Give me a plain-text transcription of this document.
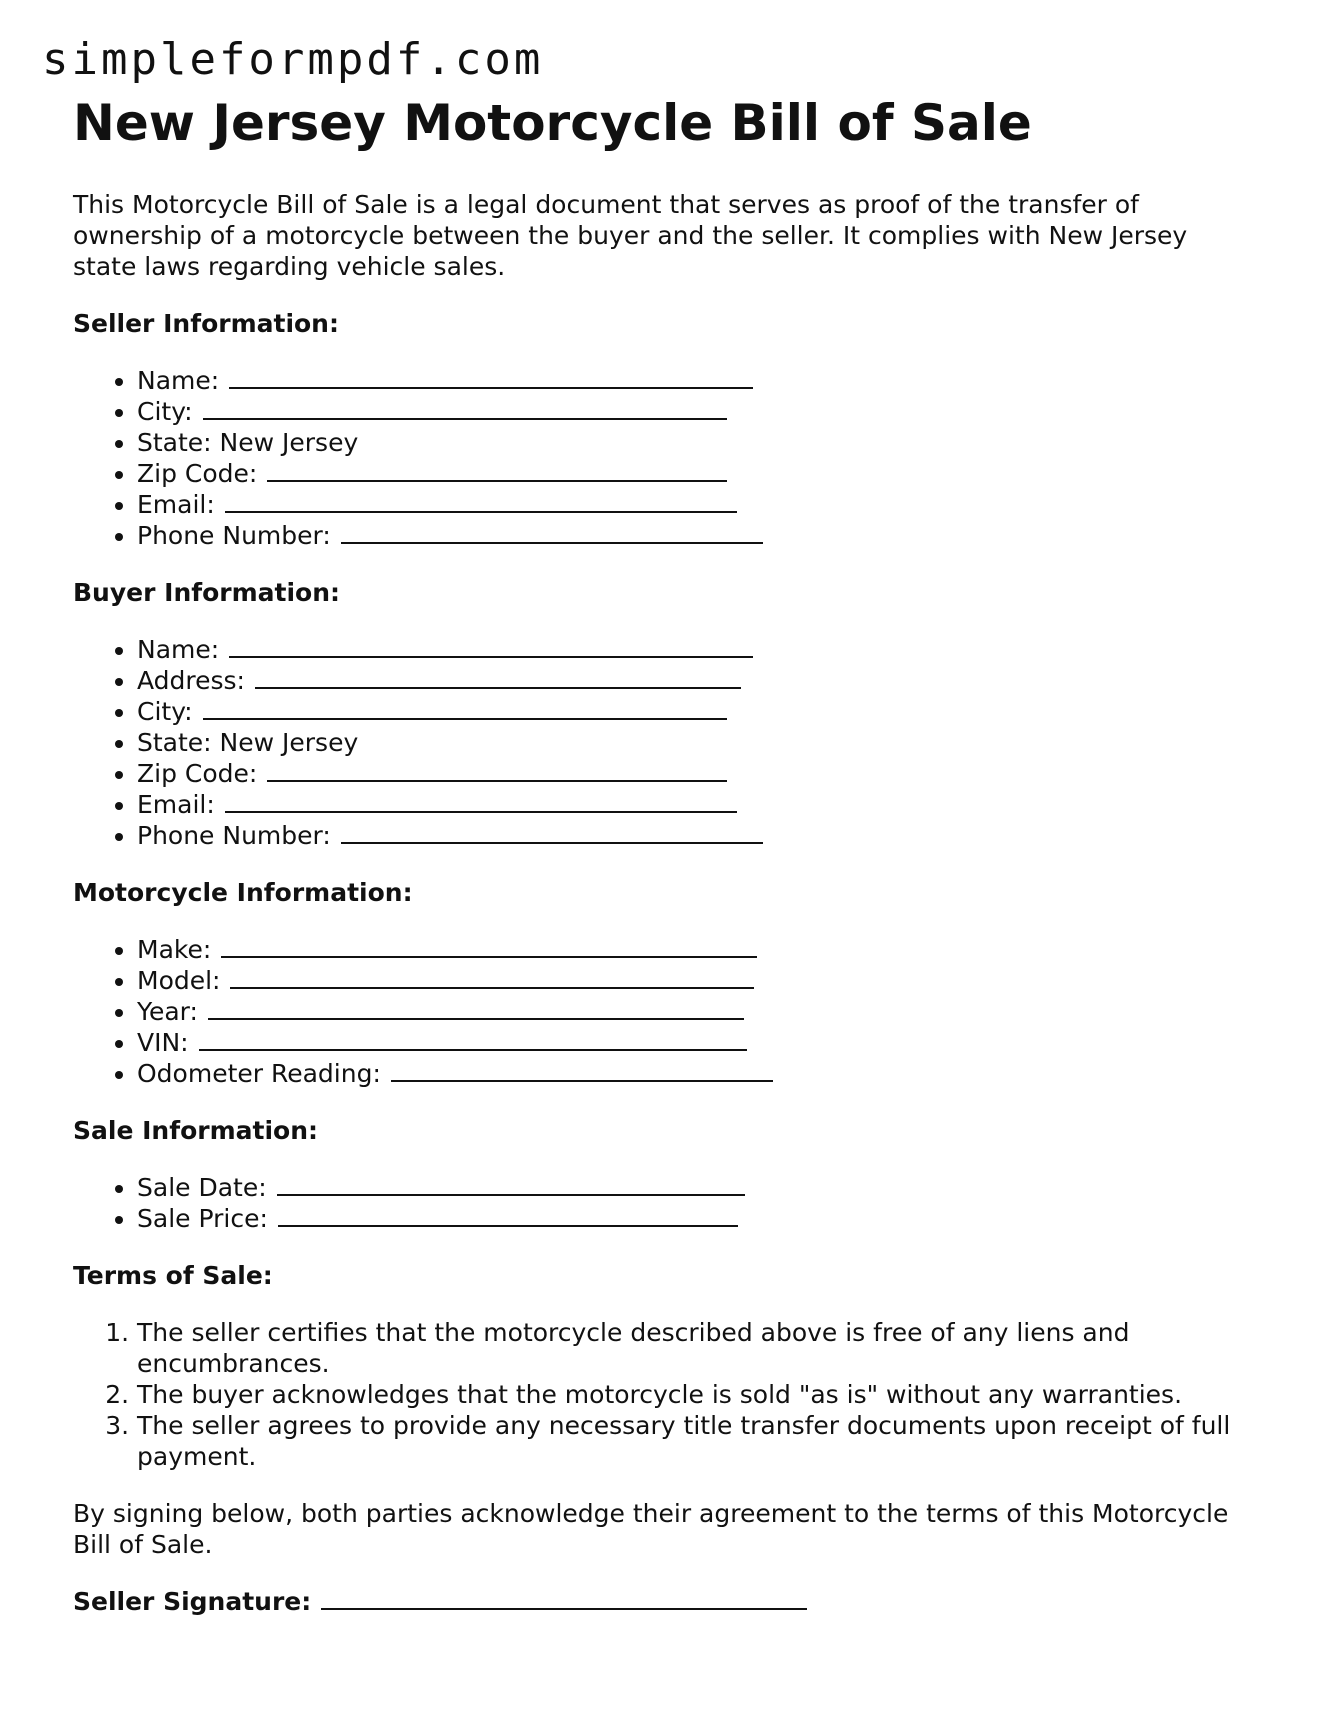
simpleformpdf.com
New Jersey Motorcycle Bill of Sale

This Motorcycle Bill of Sale is a legal document that serves as proof of the transfer of ownership of a motorcycle between the buyer and the seller. It complies with New Jersey state laws regarding vehicle sales.

Seller Information:
• Name:
• City:
• State: New Jersey
• Zip Code:
• Email:
• Phone Number:
Buyer Information:
• Name:
• Address:
• City:
• State: New Jersey
• Zip Code:
• Email:
• Phone Number:
Motorcycle Information:
• Make:
• Model:
• Year:
• VIN:
• Odometer Reading:
Sale Information:
• Sale Date:
• Sale Price:
Terms of Sale:
1. The seller certifies that the motorcycle described above is free of any liens and encumbrances.
2. The buyer acknowledges that the motorcycle is sold "as is" without any warranties.
3. The seller agrees to provide any necessary title transfer documents upon receipt of full payment.

By signing below, both parties acknowledge their agreement to the terms of this Motorcycle Bill of Sale.

Seller Signature:
